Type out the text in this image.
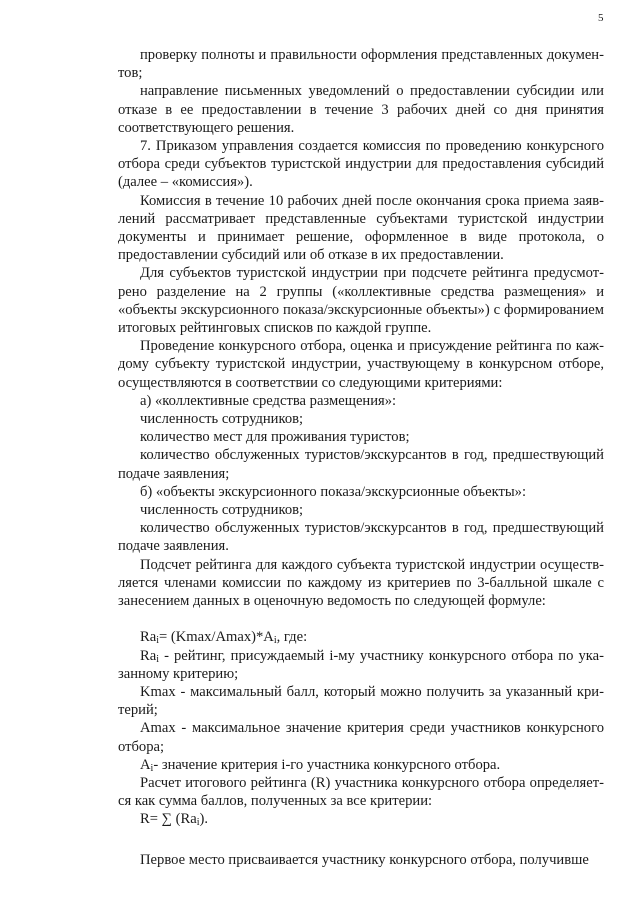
5

проверку полноты и правильности оформления представленных документов;

направление письменных уведомлений о предоставлении субсидии или отказе в ее предоставлении в течение 3 рабочих дней со дня принятия соответствующего решения.

7. Приказом управления создается комиссия по проведению конкурсного отбора среди субъектов туристской индустрии для предоставления субсидий (далее – «комиссия»).

Комиссия в течение 10 рабочих дней после окончания срока приема заявлений рассматривает представленные субъектами туристской индустрии документы и принимает решение, оформленное в виде протокола, о предоставлении субсидий или об отказе в их предоставлении.

Для субъектов туристской индустрии при подсчете рейтинга предусмотрено разделение на 2 группы («коллективные средства размещения» и «объекты экскурсионного показа/экскурсионные объекты») с формированием итоговых рейтинговых списков по каждой группе.

Проведение конкурсного отбора, оценка и присуждение рейтинга по каждому субъекту туристской индустрии, участвующему в конкурсном отборе, осуществляются в соответствии со следующими критериями:

а) «коллективные средства размещения»:

численность сотрудников;

количество мест для проживания туристов;

количество обслуженных туристов/экскурсантов в год, предшествующий подаче заявления;

б) «объекты экскурсионного показа/экскурсионные объекты»:

численность сотрудников;

количество обслуженных туристов/экскурсантов в год, предшествующий подаче заявления.

Подсчет рейтинга для каждого субъекта туристской индустрии осуществляется членами комиссии по каждому из критериев по 3-балльной шкале с занесением данных в оценочную ведомость по следующей формуле:

$Ra_i= (Kmax/Amax)*A_i$, где:

$Ra_i$ - рейтинг, присуждаемый i-му участнику конкурсного отбора по указанному критерию;

Kmax - максимальный балл, который можно получить за указанный критерий;

Amax - максимальное значение критерия среди участников конкурсного отбора;

$A_i-$ значение критерия i-го участника конкурсного отбора.

Расчет итогового рейтинга (R) участника конкурсного отбора определяется как сумма баллов, полученных за все критерии:

R= ∑ $(Ra_i)$.

Первое место присваивается участнику конкурсного отбора, получивше
